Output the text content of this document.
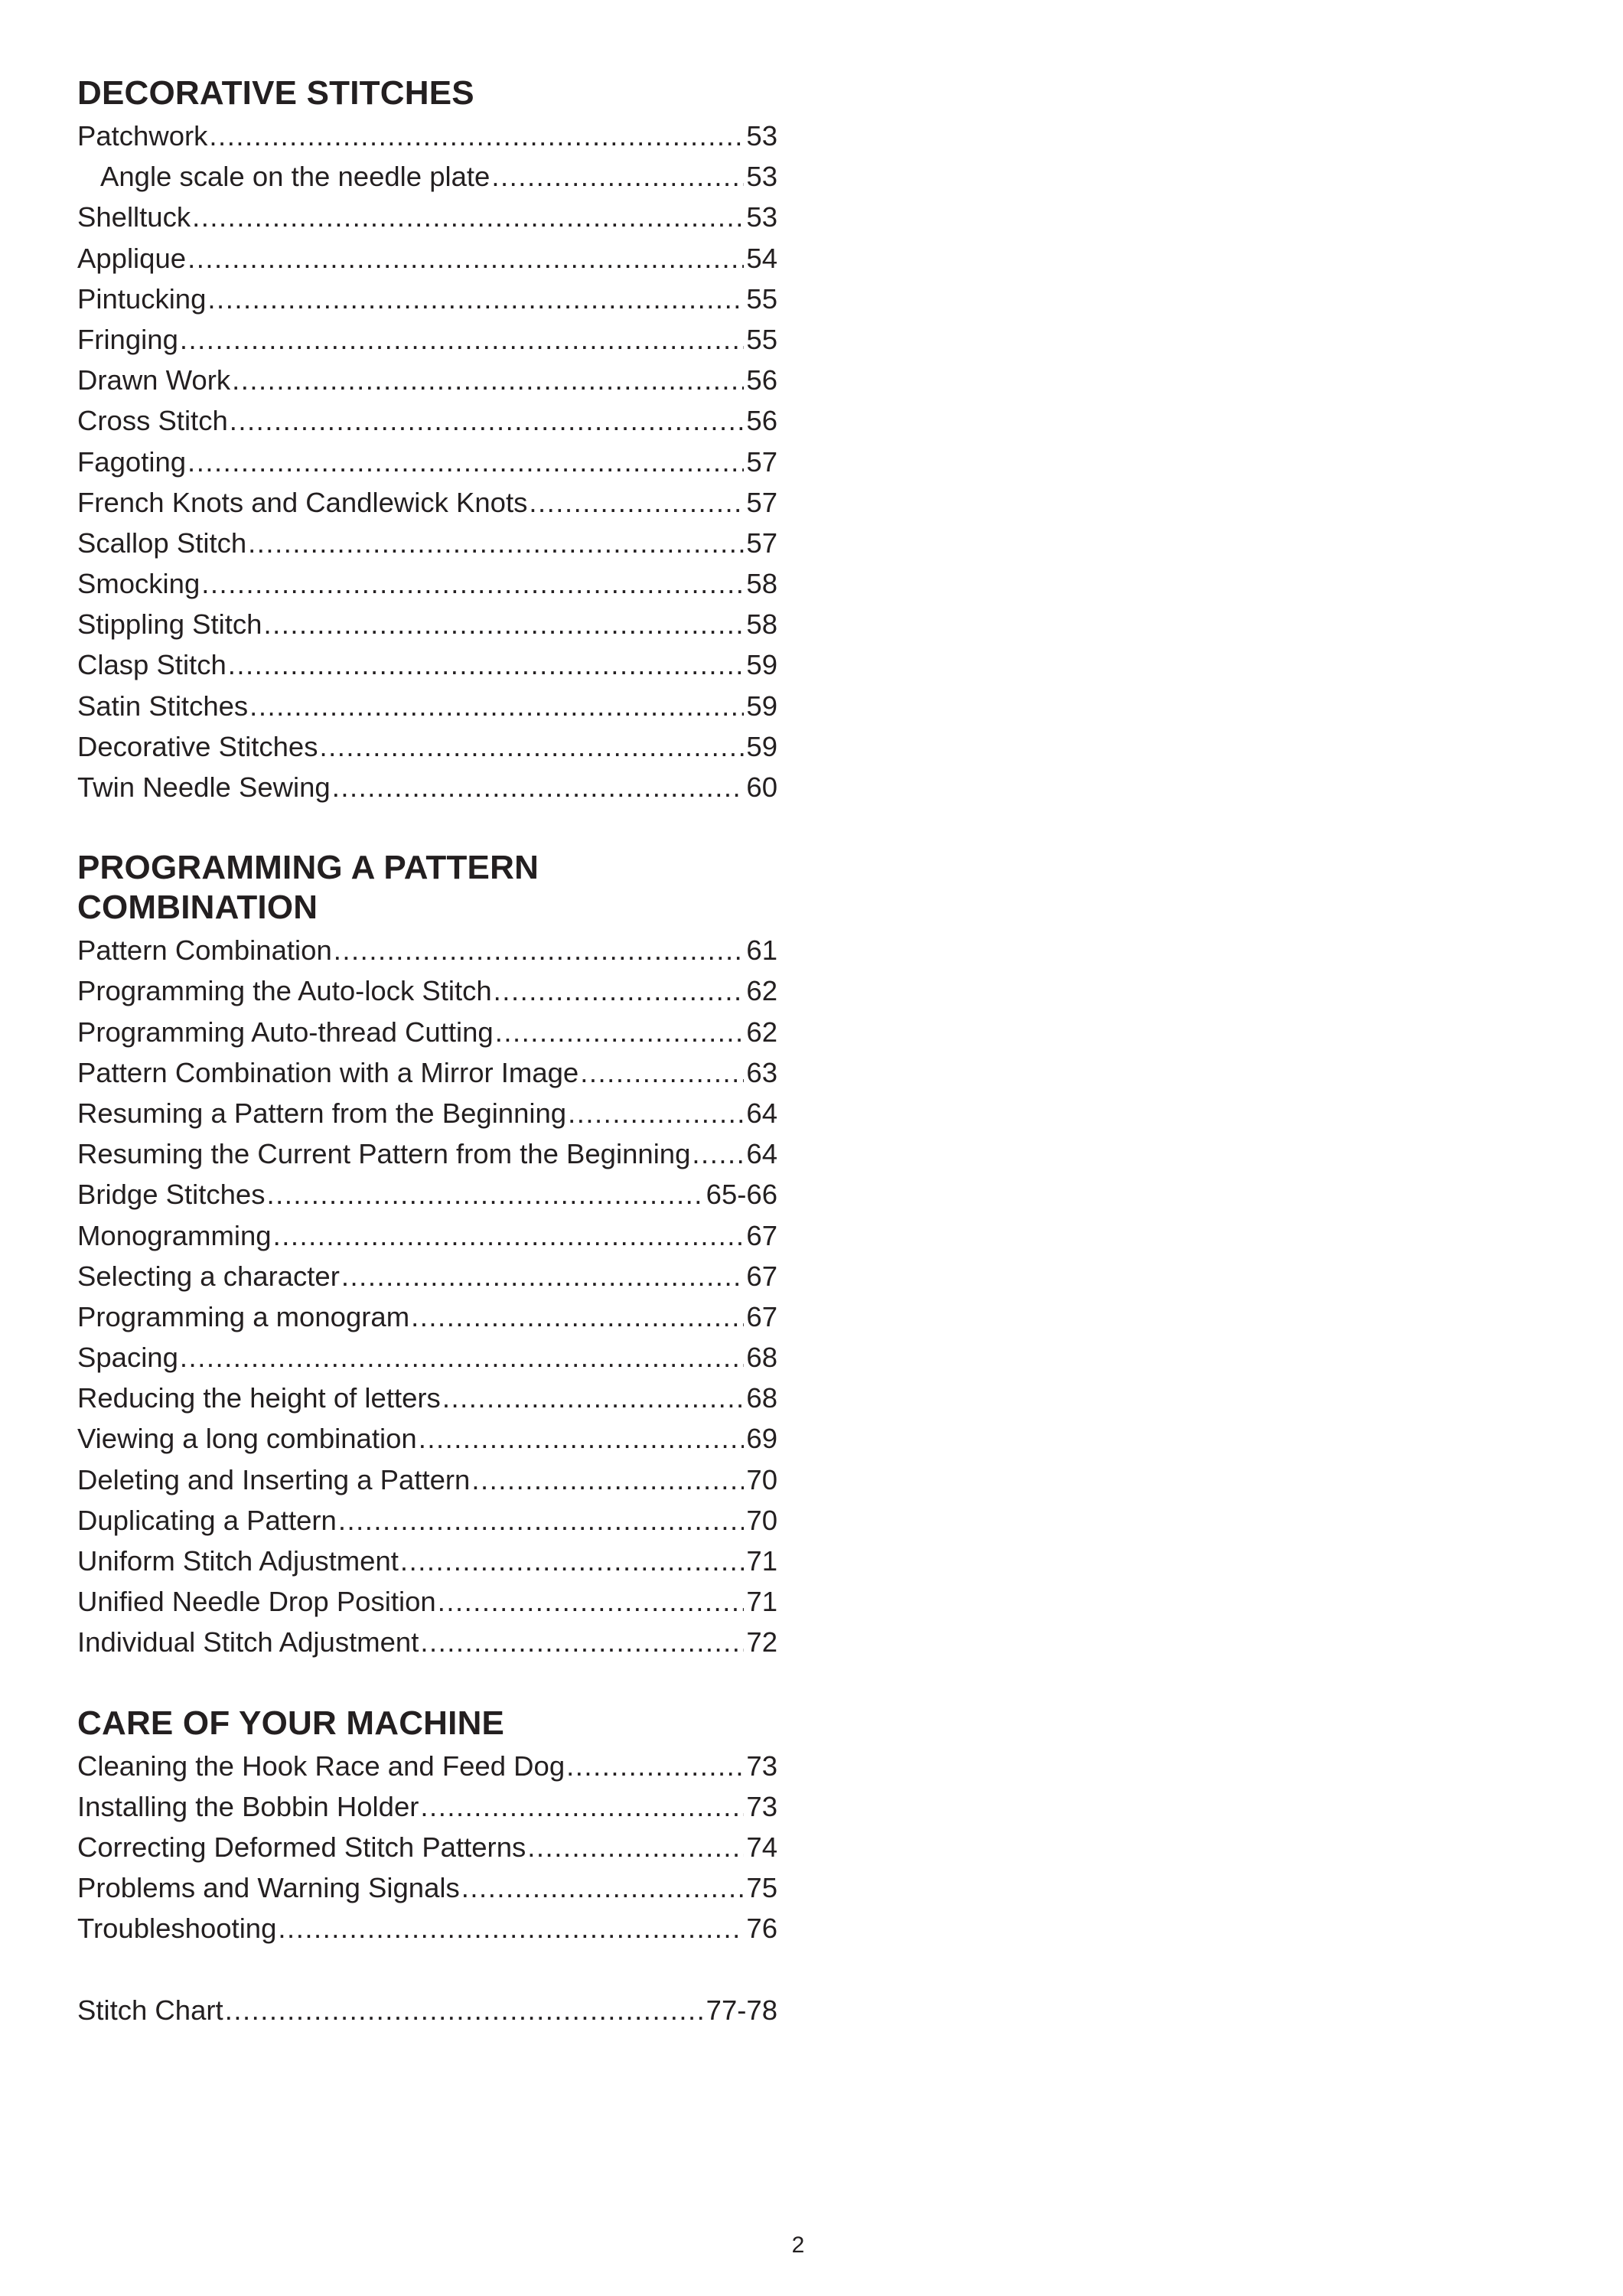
DECORATIVE STITCHES
Patchwork .....	53
Angle scale on the needle plate .....	53
Shelltuck .....	53
Applique .....	54
Pintucking .....	55
Fringing .....	55
Drawn Work .....	56
Cross Stitch .....	56
Fagoting .....	57
French Knots and Candlewick Knots .....	57
Scallop Stitch .....	57
Smocking .....	58
Stippling Stitch .....	58
Clasp Stitch .....	59
Satin Stitches .....	59
Decorative Stitches .....	59
Twin Needle Sewing .....	60
PROGRAMMING A PATTERN
COMBINATION
Pattern Combination .....	61
Programming the Auto-lock Stitch .....	62
Programming Auto-thread Cutting .....	62
Pattern Combination with a Mirror Image .....	63
Resuming a Pattern from the Beginning .....	64
Resuming the Current Pattern from the Beginning ..... 64
Bridge Stitches .....	65-66
Monogramming .....	67
Selecting a character .....	67
Programming a monogram .....	67
Spacing .....	68
Reducing the height of letters .....	68
Viewing a long combination .....	69
Deleting and Inserting a Pattern .....	70
Duplicating a Pattern .....	70
Uniform Stitch Adjustment .....	71
Unified Needle Drop Position .....	71
Individual Stitch Adjustment .....	72
CARE OF YOUR MACHINE
Cleaning the Hook Race and Feed Dog .....	73
Installing the Bobbin Holder .....	73
Correcting Deformed Stitch Patterns .....	74
Problems and Warning Signals .....	75
Troubleshooting .....	76
Stitch Chart .....	77-78
2
